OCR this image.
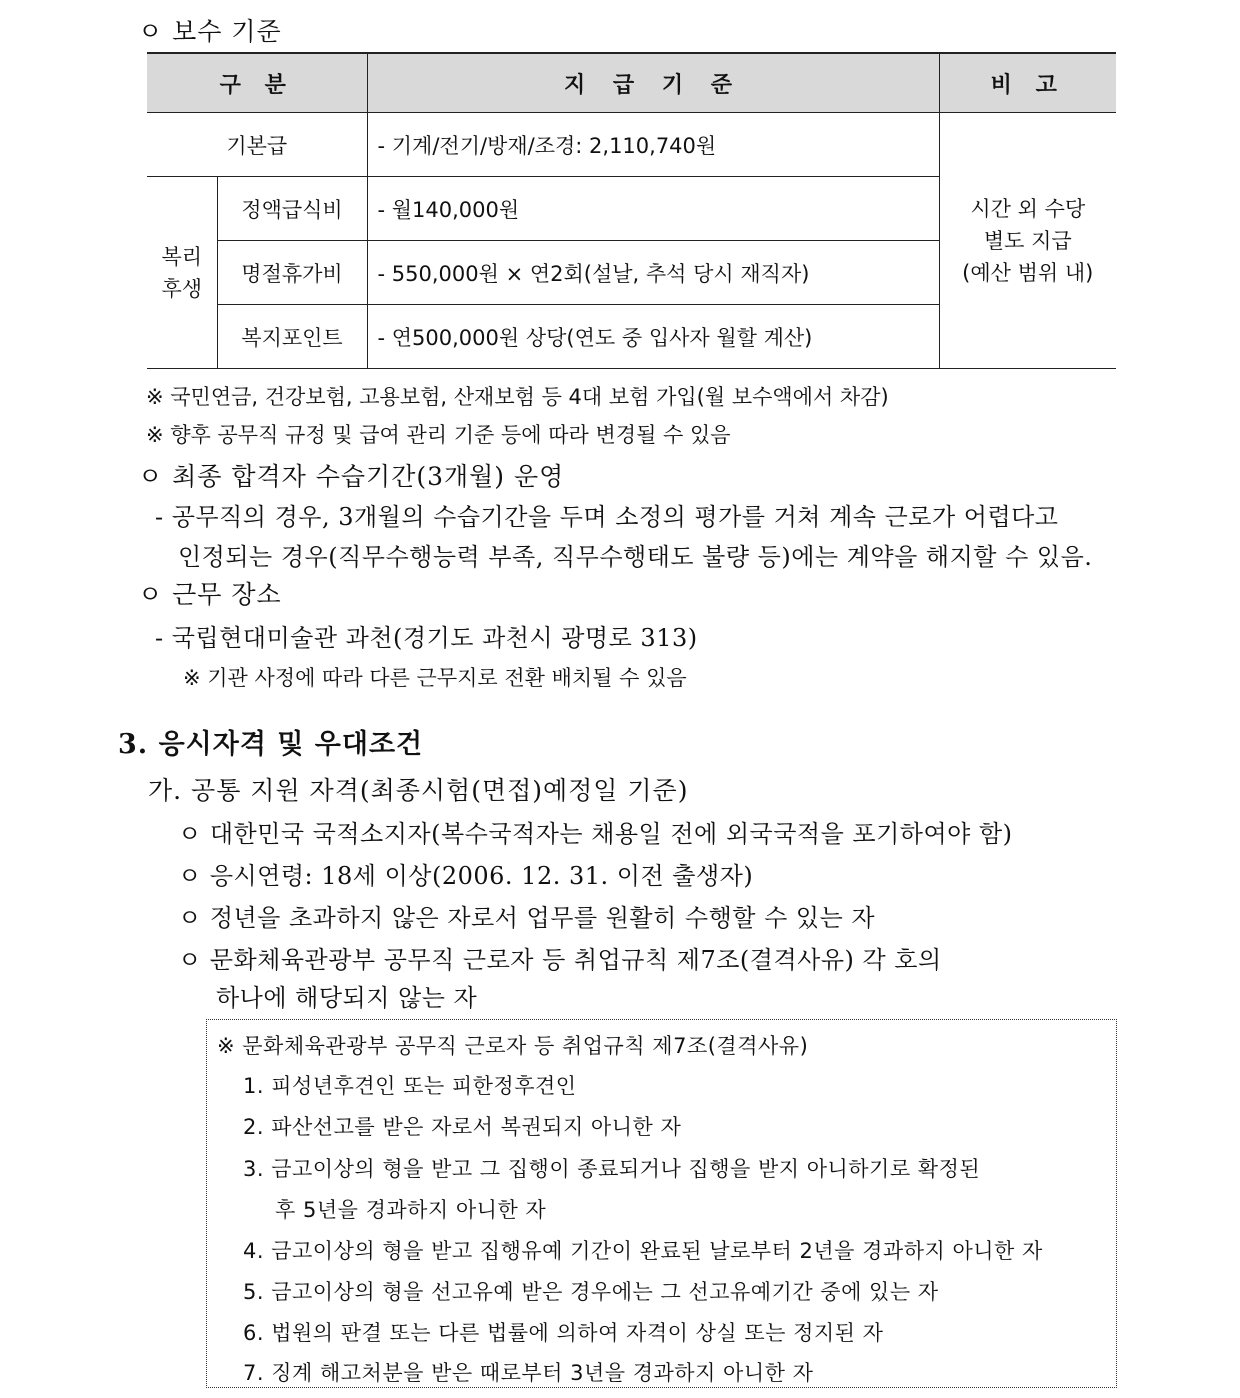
ㅇ 보수 기준
구 분		지 급 기 준	비 고
기본급		- 기계/전기/방재/조경: 2,110,740원	시간 외 수당
별도 지급
(예산 범위 내)

복리
후생	정액급식비	- 월140,000원	
	명절휴가비	- 550,000원 × 연2회(설날, 추석 당시 재직자)	
	복지포인트	- 연500,000원 상당(연도 중 입사자 월할 계산)	
※ 국민연금, 건강보험, 고용보험, 산재보험 등 4대 보험 가입(월 보수액에서 차감)
※ 향후 공무직 규정 및 급여 관리 기준 등에 따라 변경될 수 있음
ㅇ 최종 합격자 수습기간(3개월) 운영
- 공무직의 경우, 3개월의 수습기간을 두며 소정의 평가를 거쳐 계속 근로가 어렵다고
인정되는 경우(직무수행능력 부족, 직무수행태도 불량 등)에는 계약을 해지할 수 있음.
ㅇ 근무 장소
- 국립현대미술관 과천(경기도 과천시 광명로 313)
※ 기관 사정에 따라 다른 근무지로 전환 배치될 수 있음
3. 응시자격 및 우대조건
가. 공통 지원 자격(최종시험(면접)예정일 기준)
ㅇ 대한민국 국적소지자(복수국적자는 채용일 전에 외국국적을 포기하여야 함)
ㅇ 응시연령: 18세 이상(2006. 12. 31. 이전 출생자)
ㅇ 정년을 초과하지 않은 자로서 업무를 원활히 수행할 수 있는 자
ㅇ 문화체육관광부 공무직 근로자 등 취업규칙 제7조(결격사유) 각 호의
하나에 해당되지 않는 자
※ 문화체육관광부 공무직 근로자 등 취업규칙 제7조(결격사유)
1. 피성년후견인 또는 피한정후견인
2. 파산선고를 받은 자로서 복권되지 아니한 자
3. 금고이상의 형을 받고 그 집행이 종료되거나 집행을 받지 아니하기로 확정된
후 5년을 경과하지 아니한 자
4. 금고이상의 형을 받고 집행유예 기간이 완료된 날로부터 2년을 경과하지 아니한 자
5. 금고이상의 형을 선고유예 받은 경우에는 그 선고유예기간 중에 있는 자
6. 법원의 판결 또는 다른 법률에 의하여 자격이 상실 또는 정지된 자
7. 징계 해고처분을 받은 때로부터 3년을 경과하지 아니한 자
